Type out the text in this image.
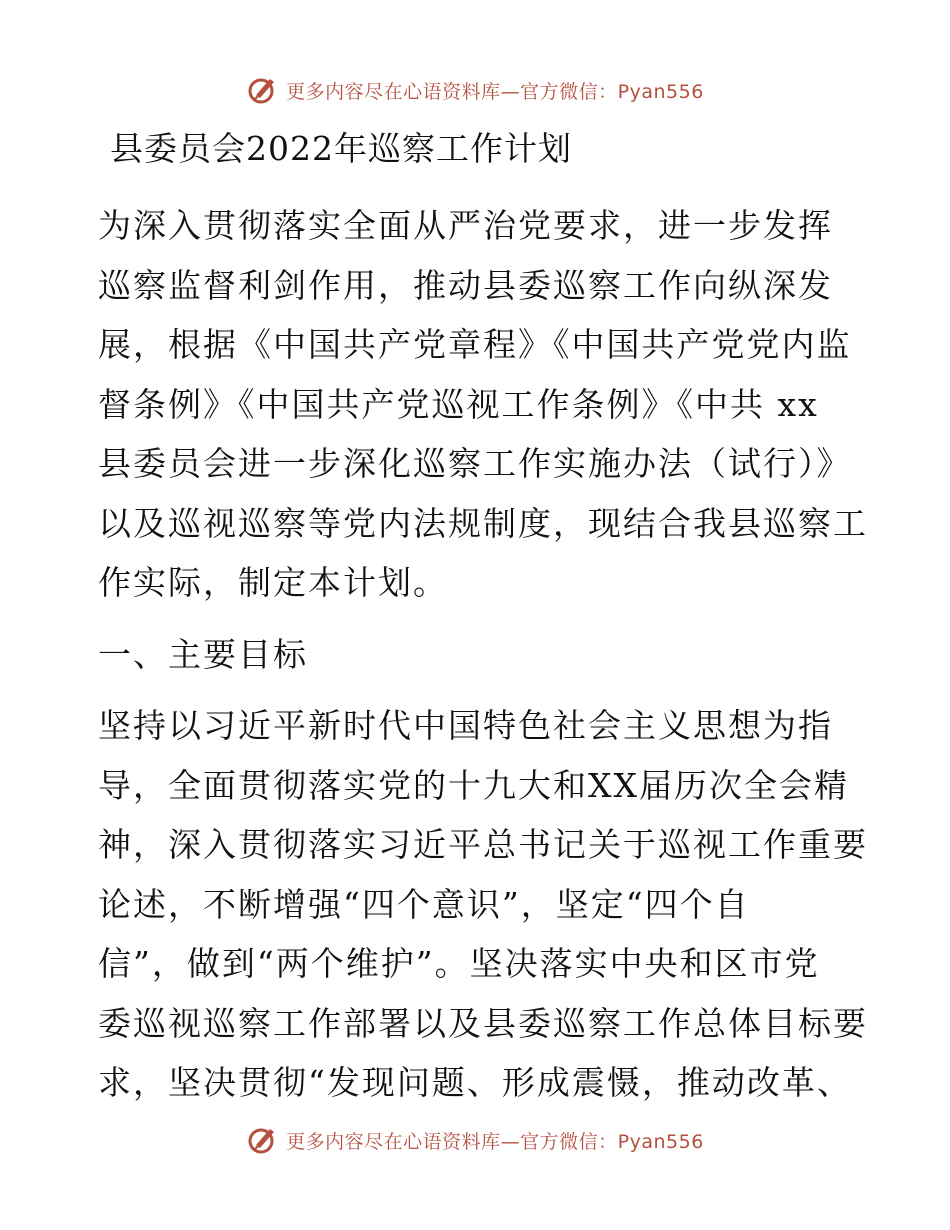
更多内容尽在心语资料库—官方微信：Pyan556
县委员会2022年巡察工作计划
为深入贯彻落实全面从严治党要求，进一步发挥
巡察监督利剑作用，推动县委巡察工作向纵深发
展，根据《中国共产党章程》《中国共产党党内监
督条例》《中国共产党巡视工作条例》《中共 xx
县委员会进一步深化巡察工作实施办法（试行）》
以及巡视巡察等党内法规制度，现结合我县巡察工
作实际，制定本计划。
一、主要目标
坚持以习近平新时代中国特色社会主义思想为指
导，全面贯彻落实党的十九大和XX届历次全会精
神，深入贯彻落实习近平总书记关于巡视工作重要
论述，不断增强“四个意识”，坚定“四个自
信”，做到“两个维护”。坚决落实中央和区市党
委巡视巡察工作部署以及县委巡察工作总体目标要
求，坚决贯彻“发现问题、形成震慑，推动改革、
更多内容尽在心语资料库—官方微信：Pyan556
